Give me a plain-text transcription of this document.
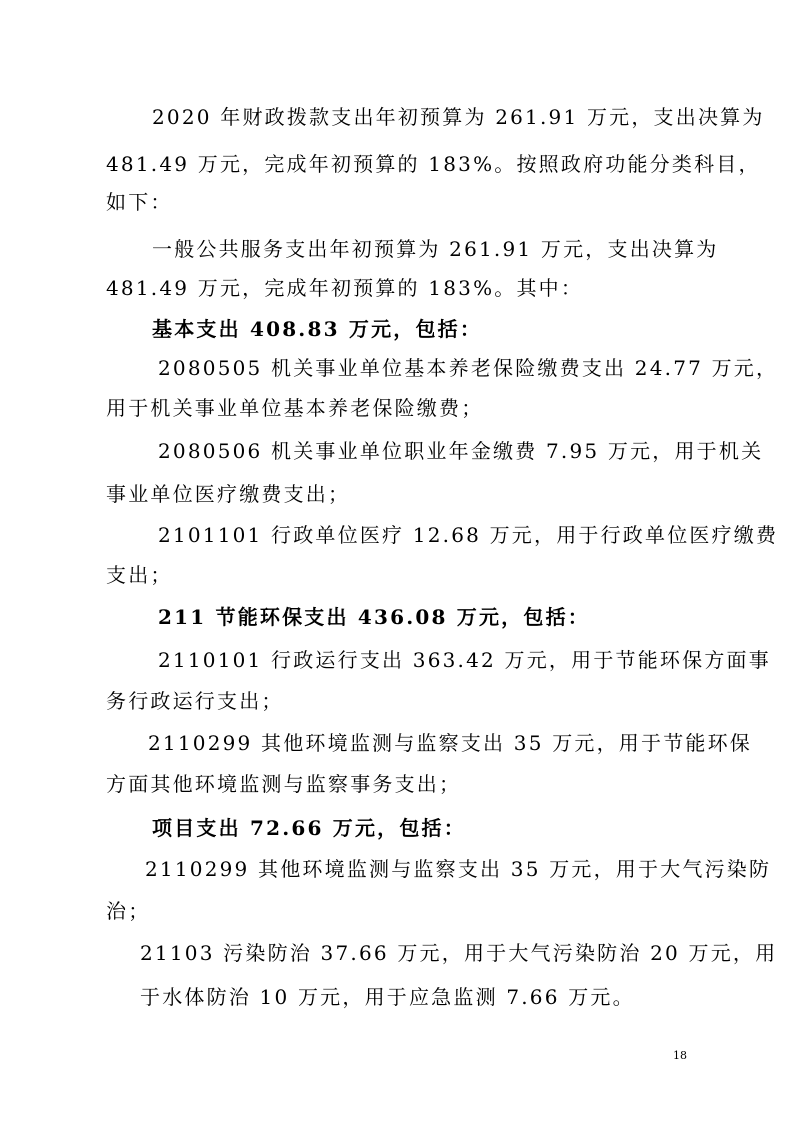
2020 年财政拨款支出年初预算为 261.91 万元，支出决算为
481.49 万元，完成年初预算的 183%。按照政府功能分类科目，
如下：
一般公共服务支出年初预算为 261.91 万元，支出决算为
481.49 万元，完成年初预算的 183%。其中：
基本支出 408.83 万元，包括：
2080505 机关事业单位基本养老保险缴费支出 24.77 万元，
用于机关事业单位基本养老保险缴费；
2080506 机关事业单位职业年金缴费 7.95 万元，用于机关
事业单位医疗缴费支出；
2101101 行政单位医疗 12.68 万元，用于行政单位医疗缴费
支出；
211 节能环保支出 436.08 万元，包括：
2110101 行政运行支出 363.42 万元，用于节能环保方面事
务行政运行支出；
2110299 其他环境监测与监察支出 35 万元，用于节能环保
方面其他环境监测与监察事务支出；
项目支出 72.66 万元，包括：
2110299 其他环境监测与监察支出 35 万元，用于大气污染防
治；
21103 污染防治 37.66 万元，用于大气污染防治 20 万元，用
于水体防治 10 万元，用于应急监测 7.66 万元。
18
